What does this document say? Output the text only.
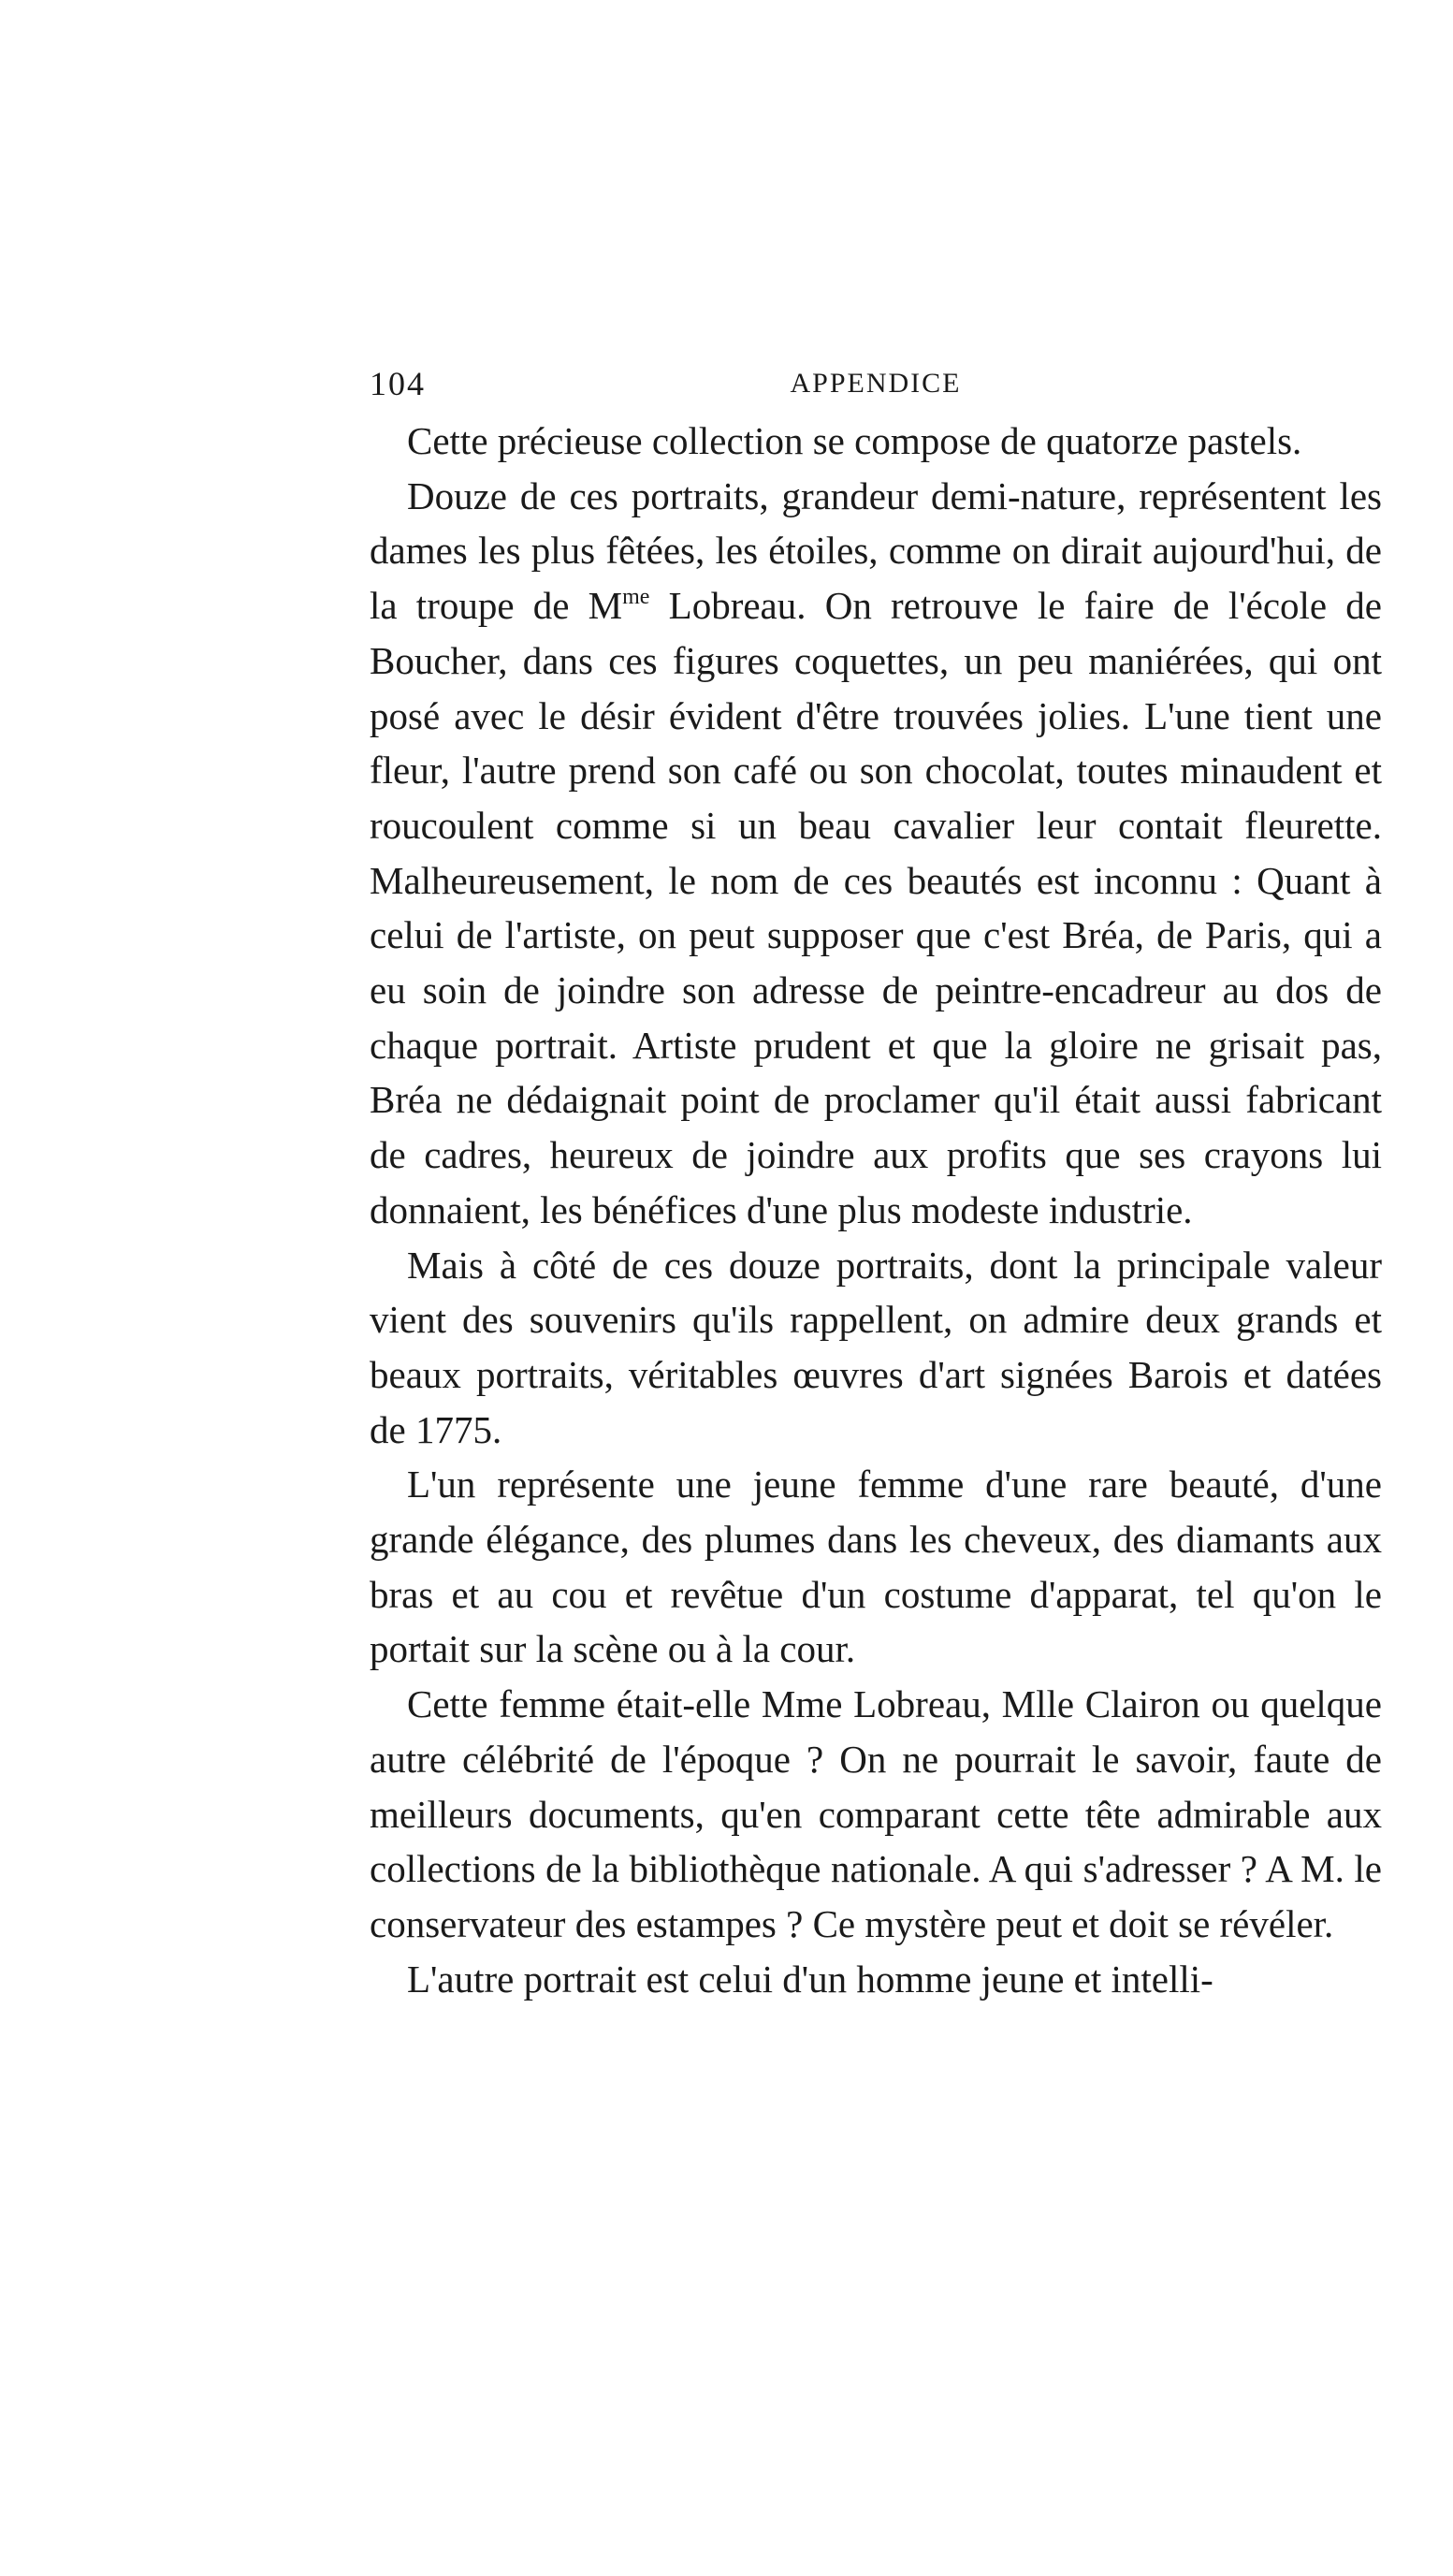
104	APPENDICE

Cette précieuse collection se compose de quatorze pastels.

Douze de ces portraits, grandeur demi-nature, représentent les dames les plus fêtées, les étoiles, comme on dirait aujourd'hui, de la troupe de $M^{me}$ Lobreau. On retrouve le faire de l'école de Boucher, dans ces figures coquettes, un peu maniérées, qui ont posé avec le désir évident d'être trouvées jolies. L'une tient une fleur, l'autre prend son café ou son chocolat, toutes minaudent et roucoulent comme si un beau cavalier leur contait fleurette. Malheureusement, le nom de ces beautés est inconnu : Quant à celui de l'artiste, on peut supposer que c'est Bréa, de Paris, qui a eu soin de joindre son adresse de peintre-encadreur au dos de chaque portrait. Artiste prudent et que la gloire ne grisait pas, Bréa ne dédaignait point de proclamer qu'il était aussi fabricant de cadres, heureux de joindre aux profits que ses crayons lui donnaient, les bénéfices d'une plus modeste industrie.

Mais à côté de ces douze portraits, dont la principale valeur vient des souvenirs qu'ils rappellent, on admire deux grands et beaux portraits, véritables œuvres d'art signées Barois et datées de 1775.

L'un représente une jeune femme d'une rare beauté, d'une grande élégance, des plumes dans les cheveux, des diamants aux bras et au cou et revêtue d'un costume d'apparat, tel qu'on le portait sur la scène ou à la cour.

Cette femme était-elle Mme Lobreau, Mlle Clairon ou quelque autre célébrité de l'époque ? On ne pourrait le savoir, faute de meilleurs documents, qu'en comparant cette tête admirable aux collections de la bibliothèque nationale. A qui s'adresser ? A M. le conservateur des estampes ? Ce mystère peut et doit se révéler.

L'autre portrait est celui d'un homme jeune et intelli-
